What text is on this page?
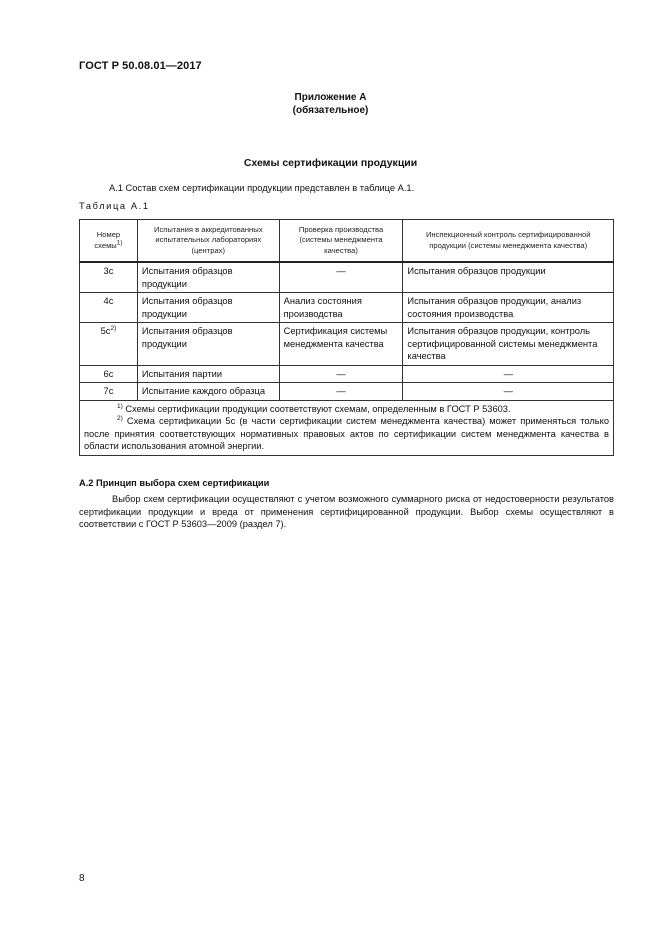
ГОСТ Р 50.08.01—2017
Приложение А
(обязательное)
Схемы сертификации продукции
А.1 Состав схем сертификации продукции представлен в таблице А.1.
Таблица А.1
Номер схемы$^{1)}$	Испытания в аккредитованных испытательных лабораториях (центрах)	Проверка производства (системы менеджмента качества)	Инспекционный контроль сертифицированной продукции (системы менеджмента качества)
3с	Испытания образцов продукции	—	Испытания образцов продукции
4с	Испытания образцов продукции	Анализ состояния производства	Испытания образцов продукции, анализ состояния производства
$5с^{2)}$	Испытания образцов продукции	Сертификация системы менеджмента качества	Испытания образцов продукции, контроль сертифицированной системы менеджмента качества
6с	Испытания партии	—	—
7с	Испытание каждого образца	—	—

$^{1)}$ Схемы сертификации продукции соответствуют схемам, определенным в ГОСТ Р 53603.
$^{2)}$ Схема сертификации 5с (в части сертификации систем менеджмента качества) может применяться только после принятия соответствующих нормативных правовых актов по сертификации систем менеджмента качества в области использования атомной энергии.			
А.2 Принцип выбора схем сертификации
Выбор схем сертификации осуществляют с учетом возможного суммарного риска от недостоверности результатов сертификации продукции и вреда от применения сертифицированной продукции. Выбор схемы осуществляют в соответствии с ГОСТ Р 53603—2009 (раздел 7).
8
